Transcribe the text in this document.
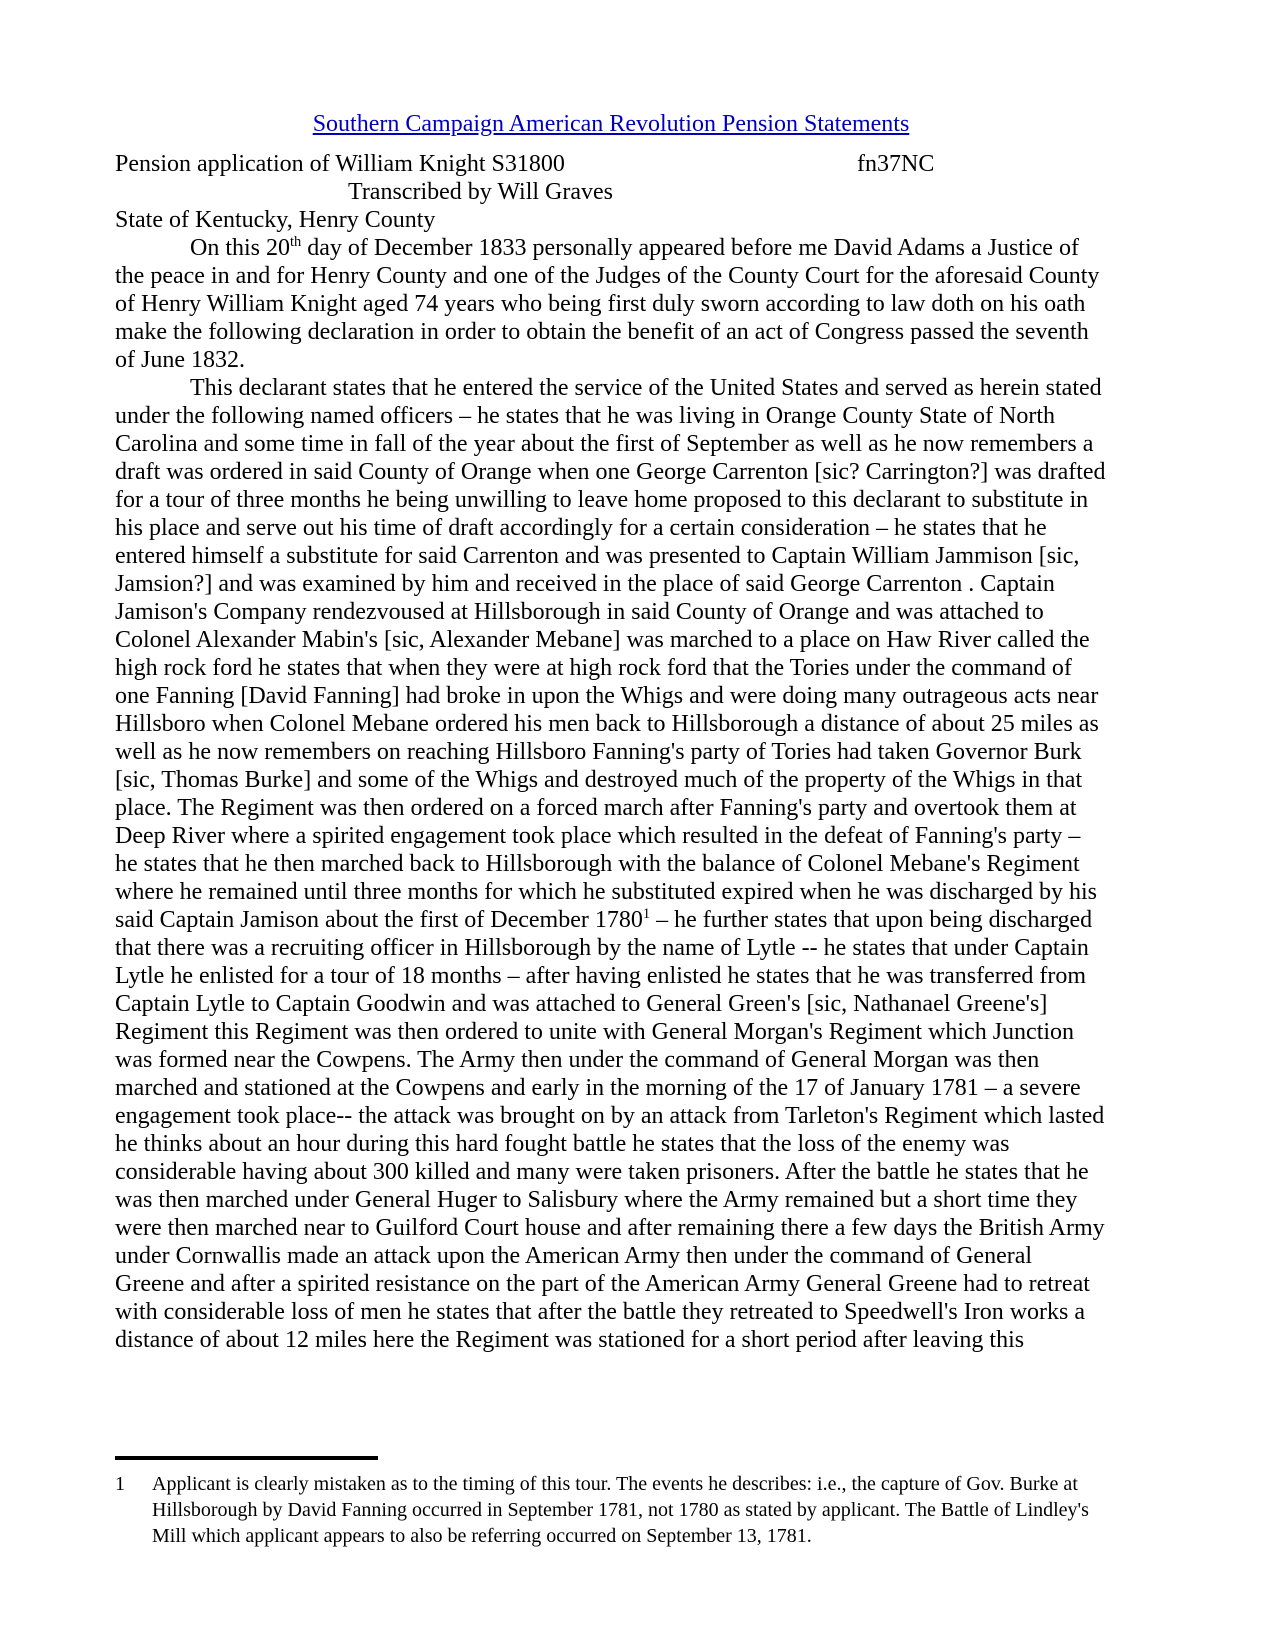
Southern Campaign American Revolution Pension Statements
Pension application of William Knight S31800	fn37NC
Transcribed by Will Graves
State of Kentucky, Henry County

On this 20th day of December 1833 personally appeared before me David Adams a Justice of the peace in and for Henry County and one of the Judges of the County Court for the aforesaid County of Henry William Knight aged 74 years who being first duly sworn according to law doth on his oath make the following declaration in order to obtain the benefit of an act of Congress passed the seventh of June 1832.

This declarant states that he entered the service of the United States and served as herein stated under the following named officers – he states that he was living in Orange County State of North Carolina and some time in fall of the year about the first of September as well as he now remembers a draft was ordered in said County of Orange when one George Carrenton [sic? Carrington?] was drafted for a tour of three months he being unwilling to leave home proposed to this declarant to substitute in his place and serve out his time of draft accordingly for a certain consideration – he states that he entered himself a substitute for said Carrenton and was presented to Captain William Jammison [sic, Jamsion?] and was examined by him and received in the place of said George Carrenton . Captain Jamison's Company rendezvoused at Hillsborough in said County of Orange and was attached to Colonel Alexander Mabin's [sic, Alexander Mebane] was marched to a place on Haw River called the high rock ford he states that when they were at high rock ford that the Tories under the command of one Fanning [David Fanning] had broke in upon the Whigs and were doing many outrageous acts near Hillsboro when Colonel Mebane ordered his men back to Hillsborough a distance of about 25 miles as well as he now remembers on reaching Hillsboro Fanning's party of Tories had taken Governor Burk [sic, Thomas Burke] and some of the Whigs and destroyed much of the property of the Whigs in that place. The Regiment was then ordered on a forced march after Fanning's party and overtook them at Deep River where a spirited engagement took place which resulted in the defeat of Fanning's party – he states that he then marched back to Hillsborough with the balance of Colonel Mebane's Regiment where he remained until three months for which he substituted expired when he was discharged by his said Captain Jamison about the first of December 1780$^1$ – he further states that upon being discharged that there was a recruiting officer in Hillsborough by the name of Lytle -- he states that under Captain Lytle he enlisted for a tour of 18 months – after having enlisted he states that he was transferred from Captain Lytle to Captain Goodwin and was attached to General Green's [sic, Nathanael Greene's] Regiment this Regiment was then ordered to unite with General Morgan's Regiment which Junction was formed near the Cowpens. The Army then under the command of General Morgan was then marched and stationed at the Cowpens and early in the morning of the 17 of January 1781 – a severe engagement took place-- the attack was brought on by an attack from Tarleton's Regiment which lasted he thinks about an hour during this hard fought battle he states that the loss of the enemy was considerable having about 300 killed and many were taken prisoners. After the battle he states that he was then marched under General Huger to Salisbury where the Army remained but a short time they were then marched near to Guilford Court house and after remaining there a few days the British Army under Cornwallis made an attack upon the American Army then under the command of General Greene and after a spirited resistance on the part of the American Army General Greene had to retreat with considerable loss of men he states that after the battle they retreated to Speedwell's Iron works a distance of about 12 miles here the Regiment was stationed for a short period after leaving this

1	Applicant is clearly mistaken as to the timing of this tour. The events he describes: i.e., the capture of Gov. Burke at Hillsborough by David Fanning occurred in September 1781, not 1780 as stated by applicant. The Battle of Lindley's Mill which applicant appears to also be referring occurred on September 13, 1781.
